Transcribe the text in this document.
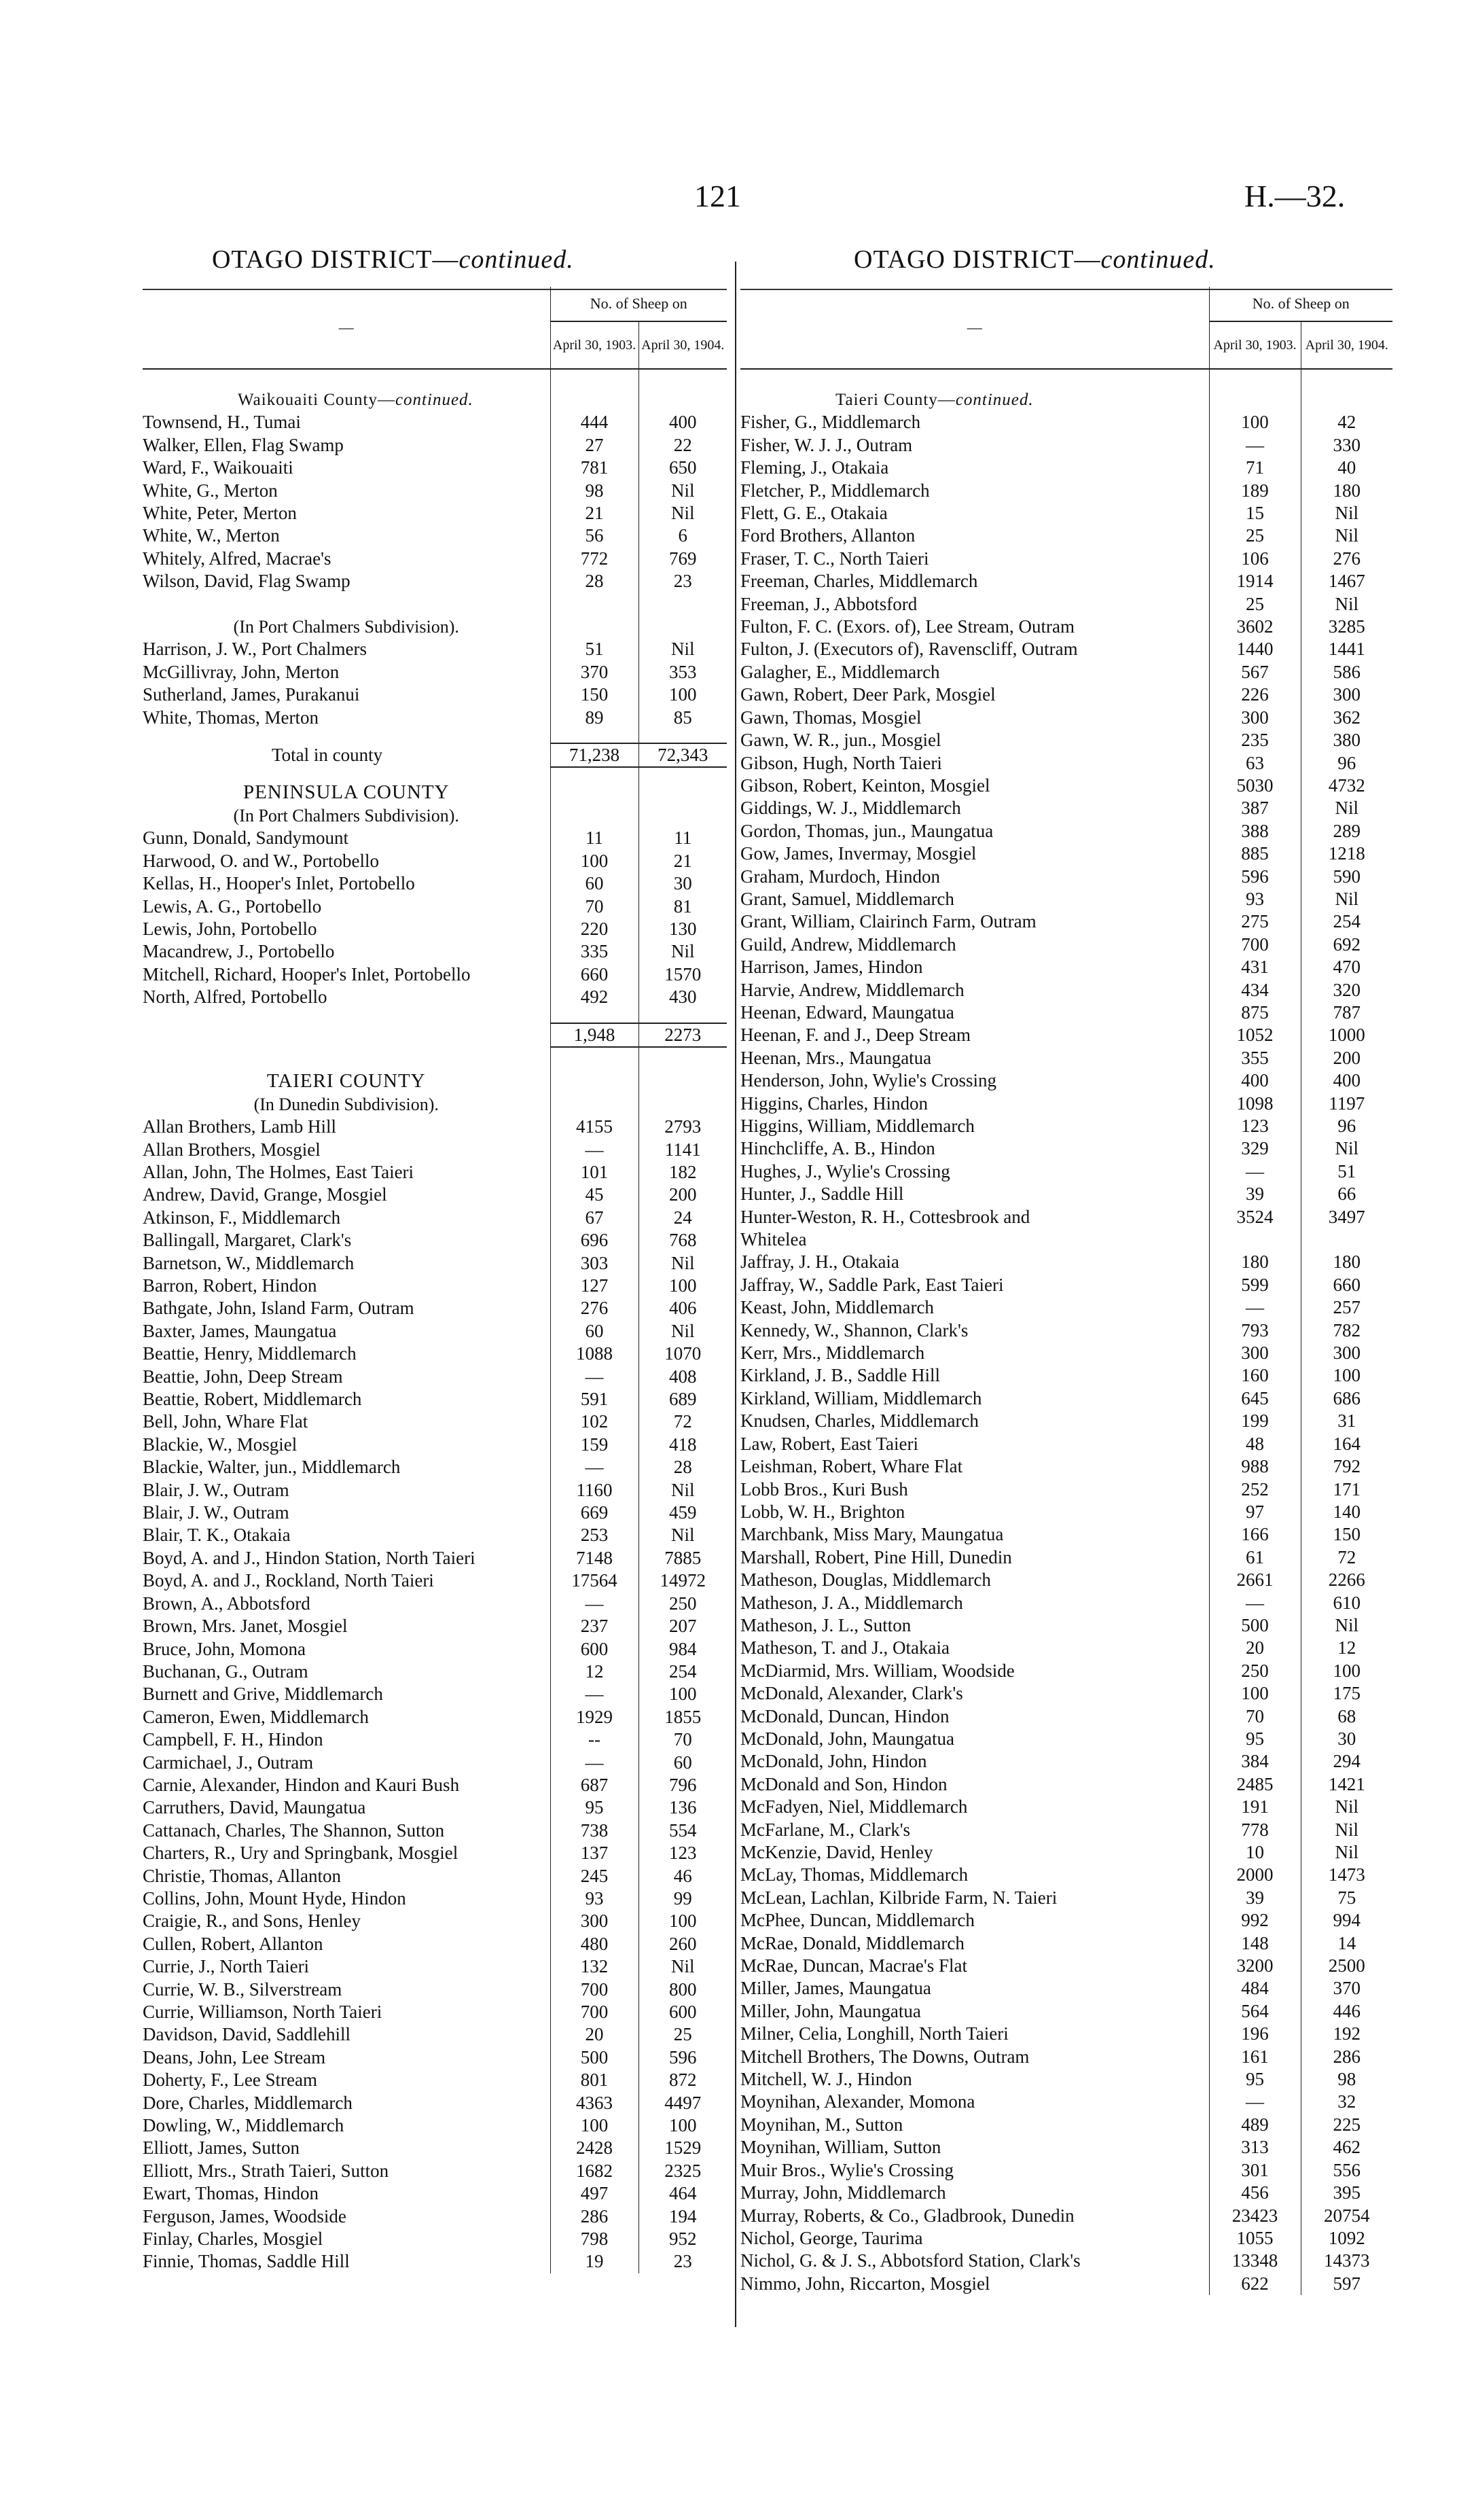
121	H.—32.
OTAGO DISTRICT—continued.	OTAGO DISTRICT—continued.
—	No. of Sheep on	
	April 30, 1903.	April 30, 1904.

Waikouaiti County—continued.		
Townsend, H., Tumai	444	400
Walker, Ellen, Flag Swamp	27	22
Ward, F., Waikouaiti	781	650
White, G., Merton	98	Nil
White, Peter, Merton	21	Nil
White, W., Merton	56	6
Whitely, Alfred, Macrae's	772	769
Wilson, David, Flag Swamp	28	23

(In Port Chalmers Subdivision).		
Harrison, J. W., Port Chalmers	51	Nil
McGillivray, John, Merton	370	353
Sutherland, James, Purakanui	150	100
White, Thomas, Merton	89	85

Total in county	71,238	72,343

PENINSULA COUNTY		
(In Port Chalmers Subdivision).		
Gunn, Donald, Sandymount	11	11
Harwood, O. and W., Portobello	100	21
Kellas, H., Hooper's Inlet, Portobello	60	30
Lewis, A. G., Portobello	70	81
Lewis, John, Portobello	220	130
Macandrew, J., Portobello	335	Nil
Mitchell, Richard, Hooper's Inlet, Portobello	660	1570
North, Alfred, Portobello	492	430

	1,948	2273

TAIERI COUNTY		
(In Dunedin Subdivision).		
Allan Brothers, Lamb Hill	4155	2793
Allan Brothers, Mosgiel	—	1141
Allan, John, The Holmes, East Taieri	101	182
Andrew, David, Grange, Mosgiel	45	200
Atkinson, F., Middlemarch	67	24
Ballingall, Margaret, Clark's	696	768
Barnetson, W., Middlemarch	303	Nil
Barron, Robert, Hindon	127	100
Bathgate, John, Island Farm, Outram	276	406
Baxter, James, Maungatua	60	Nil
Beattie, Henry, Middlemarch	1088	1070
Beattie, John, Deep Stream	—	408
Beattie, Robert, Middlemarch	591	689
Bell, John, Whare Flat	102	72
Blackie, W., Mosgiel	159	418
Blackie, Walter, jun., Middlemarch	—	28
Blair, J. W., Outram	1160	Nil
Blair, J. W., Outram	669	459
Blair, T. K., Otakaia	253	Nil
Boyd, A. and J., Hindon Station, North Taieri	7148	7885
Boyd, A. and J., Rockland, North Taieri	17564	14972
Brown, A., Abbotsford	—	250
Brown, Mrs. Janet, Mosgiel	237	207
Bruce, John, Momona	600	984
Buchanan, G., Outram	12	254
Burnett and Grive, Middlemarch	—	100
Cameron, Ewen, Middlemarch	1929	1855
Campbell, F. H., Hindon	--	70
Carmichael, J., Outram	—	60
Carnie, Alexander, Hindon and Kauri Bush	687	796
Carruthers, David, Maungatua	95	136
Cattanach, Charles, The Shannon, Sutton	738	554
Charters, R., Ury and Springbank, Mosgiel	137	123
Christie, Thomas, Allanton	245	46
Collins, John, Mount Hyde, Hindon	93	99
Craigie, R., and Sons, Henley	300	100
Cullen, Robert, Allanton	480	260
Currie, J., North Taieri	132	Nil
Currie, W. B., Silverstream	700	800
Currie, Williamson, North Taieri	700	600
Davidson, David, Saddlehill	20	25
Deans, John, Lee Stream	500	596
Doherty, F., Lee Stream	801	872
Dore, Charles, Middlemarch	4363	4497
Dowling, W., Middlemarch	100	100
Elliott, James, Sutton	2428	1529
Elliott, Mrs., Strath Taieri, Sutton	1682	2325
Ewart, Thomas, Hindon	497	464
Ferguson, James, Woodside	286	194
Finlay, Charles, Mosgiel	798	952
Finnie, Thomas, Saddle Hill	19	23
—	No. of Sheep on	
	April 30, 1903.	April 30, 1904.

Taieri County—continued.		
Fisher, G., Middlemarch	100	42
Fisher, W. J. J., Outram	—	330
Fleming, J., Otakaia	71	40
Fletcher, P., Middlemarch	189	180
Flett, G. E., Otakaia	15	Nil
Ford Brothers, Allanton	25	Nil
Fraser, T. C., North Taieri	106	276
Freeman, Charles, Middlemarch	1914	1467
Freeman, J., Abbotsford	25	Nil
Fulton, F. C. (Exors. of), Lee Stream, Outram	3602	3285
Fulton, J. (Executors of), Ravenscliff, Outram	1440	1441
Galagher, E., Middlemarch	567	586
Gawn, Robert, Deer Park, Mosgiel	226	300
Gawn, Thomas, Mosgiel	300	362
Gawn, W. R., jun., Mosgiel	235	380
Gibson, Hugh, North Taieri	63	96
Gibson, Robert, Keinton, Mosgiel	5030	4732
Giddings, W. J., Middlemarch	387	Nil
Gordon, Thomas, jun., Maungatua	388	289
Gow, James, Invermay, Mosgiel	885	1218
Graham, Murdoch, Hindon	596	590
Grant, Samuel, Middlemarch	93	Nil
Grant, William, Clairinch Farm, Outram	275	254
Guild, Andrew, Middlemarch	700	692
Harrison, James, Hindon	431	470
Harvie, Andrew, Middlemarch	434	320
Heenan, Edward, Maungatua	875	787
Heenan, F. and J., Deep Stream	1052	1000
Heenan, Mrs., Maungatua	355	200
Henderson, John, Wylie's Crossing	400	400
Higgins, Charles, Hindon	1098	1197
Higgins, William, Middlemarch	123	96
Hinchcliffe, A. B., Hindon	329	Nil
Hughes, J., Wylie's Crossing	—	51
Hunter, J., Saddle Hill	39	66
Hunter-Weston, R. H., Cottesbrook and	3524	3497
Whitelea		
Jaffray, J. H., Otakaia	180	180
Jaffray, W., Saddle Park, East Taieri	599	660
Keast, John, Middlemarch	—	257
Kennedy, W., Shannon, Clark's	793	782
Kerr, Mrs., Middlemarch	300	300
Kirkland, J. B., Saddle Hill	160	100
Kirkland, William, Middlemarch	645	686
Knudsen, Charles, Middlemarch	199	31
Law, Robert, East Taieri	48	164
Leishman, Robert, Whare Flat	988	792
Lobb Bros., Kuri Bush	252	171
Lobb, W. H., Brighton	97	140
Marchbank, Miss Mary, Maungatua	166	150
Marshall, Robert, Pine Hill, Dunedin	61	72
Matheson, Douglas, Middlemarch	2661	2266
Matheson, J. A., Middlemarch	—	610
Matheson, J. L., Sutton	500	Nil
Matheson, T. and J., Otakaia	20	12
McDiarmid, Mrs. William, Woodside	250	100
McDonald, Alexander, Clark's	100	175
McDonald, Duncan, Hindon	70	68
McDonald, John, Maungatua	95	30
McDonald, John, Hindon	384	294
McDonald and Son, Hindon	2485	1421
McFadyen, Niel, Middlemarch	191	Nil
McFarlane, M., Clark's	778	Nil
McKenzie, David, Henley	10	Nil
McLay, Thomas, Middlemarch	2000	1473
McLean, Lachlan, Kilbride Farm, N. Taieri	39	75
McPhee, Duncan, Middlemarch	992	994
McRae, Donald, Middlemarch	148	14
McRae, Duncan, Macrae's Flat	3200	2500
Miller, James, Maungatua	484	370
Miller, John, Maungatua	564	446
Milner, Celia, Longhill, North Taieri	196	192
Mitchell Brothers, The Downs, Outram	161	286
Mitchell, W. J., Hindon	95	98
Moynihan, Alexander, Momona	—	32
Moynihan, M., Sutton	489	225
Moynihan, William, Sutton	313	462
Muir Bros., Wylie's Crossing	301	556
Murray, John, Middlemarch	456	395
Murray, Roberts, & Co., Gladbrook, Dunedin	23423	20754
Nichol, George, Taurima	1055	1092
Nichol, G. & J. S., Abbotsford Station, Clark's	13348	14373
Nimmo, John, Riccarton, Mosgiel	622	597
